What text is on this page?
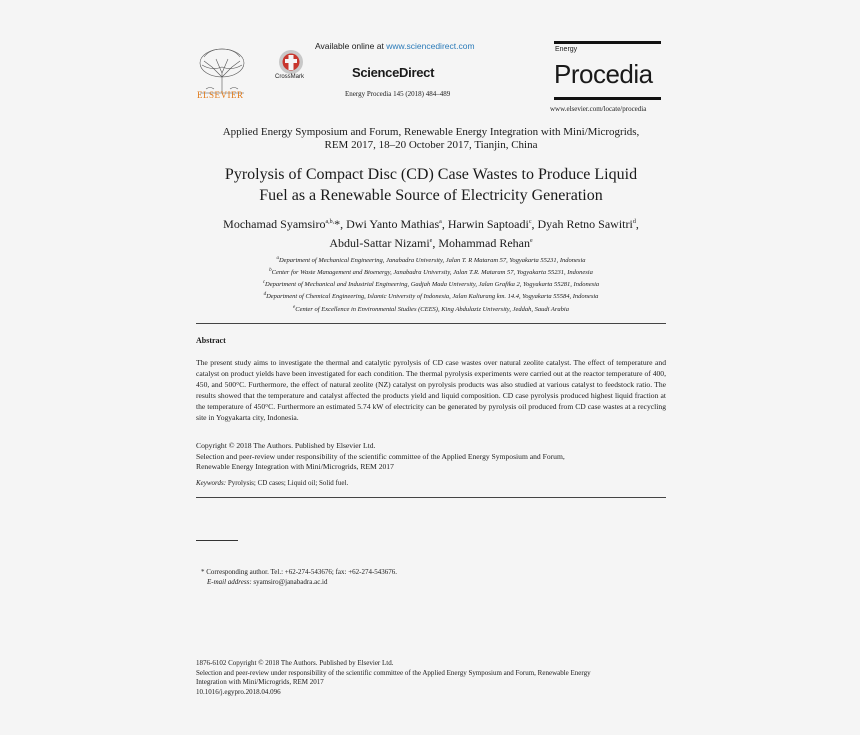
ELSEVIER
CrossMark
Available online at www.sciencedirect.com
ScienceDirect
Energy Procedia 145 (2018) 484–489
Energy
Procedia
www.elsevier.com/locate/procedia
Applied Energy Symposium and Forum, Renewable Energy Integration with Mini/Microgrids,
REM 2017, 18–20 October 2017, Tianjin, China
Pyrolysis of Compact Disc (CD) Case Wastes to Produce Liquid
Fuel as a Renewable Source of Electricity Generation
Mochamad Syamsiro$^{a,b,}$*, Dwi Yanto Mathias$^a$, Harwin Saptoadi$^c$, Dyah Retno Sawitri$^d$,
Abdul-Sattar Nizami$^e$, Mohammad Rehan$^e$
$^a$Department of Mechanical Engineering, Janabadra University, Jalan T. R Mataram 57, Yogyakarta 55231, Indonesia
$^b$Center for Waste Management and Bioenergy, Janabadra University, Jalan T.R. Mataram 57, Yogyakarta 55231, Indonesia
$^c$Department of Mechanical and Industrial Engineering, Gadjah Mada University, Jalan Grafika 2, Yogyakarta 55281, Indonesia
$^d$Department of Chemical Engineering, Islamic University of Indonesia, Jalan Kaliurang km. 14.4, Yogyakarta 55584, Indonesia
$^e$Center of Excellence in Environmental Studies (CEES), King Abdulaziz University, Jeddah, Saudi Arabia
Abstract
The present study aims to investigate the thermal and catalytic pyrolysis of CD case wastes over natural zeolite catalyst. The effect of temperature and catalyst on product yields have been investigated for each condition. The thermal pyrolysis experiments were carried out at the reactor temperature of 400, 450, and 500°C. Furthermore, the effect of natural zeolite (NZ) catalyst on pyrolysis products was also studied at various catalyst to feedstock ratio. The results showed that the temperature and catalyst affected the products yield and liquid composition. CD case pyrolysis produced highest liquid fraction at the temperature of 450°C. Furthermore an estimated 5.74 kW of electricity can be generated by pyrolysis oil produced from CD case wastes at a recycling site in Yogyakarta city, Indonesia.
Copyright © 2018 The Authors. Published by Elsevier Ltd.
Selection and peer-review under responsibility of the scientific committee of the Applied Energy Symposium and Forum,
Renewable Energy Integration with Mini/Microgrids, REM 2017
Keywords: Pyrolysis; CD cases; Liquid oil; Solid fuel.
* Corresponding author. Tel.: +62-274-543676; fax: +62-274-543676.
E-mail address: syamsiro@janabadra.ac.id
1876-6102 Copyright © 2018 The Authors. Published by Elsevier Ltd.
Selection and peer-review under responsibility of the scientific committee of the Applied Energy Symposium and Forum, Renewable Energy
Integration with Mini/Microgrids, REM 2017
10.1016/j.egypro.2018.04.096
